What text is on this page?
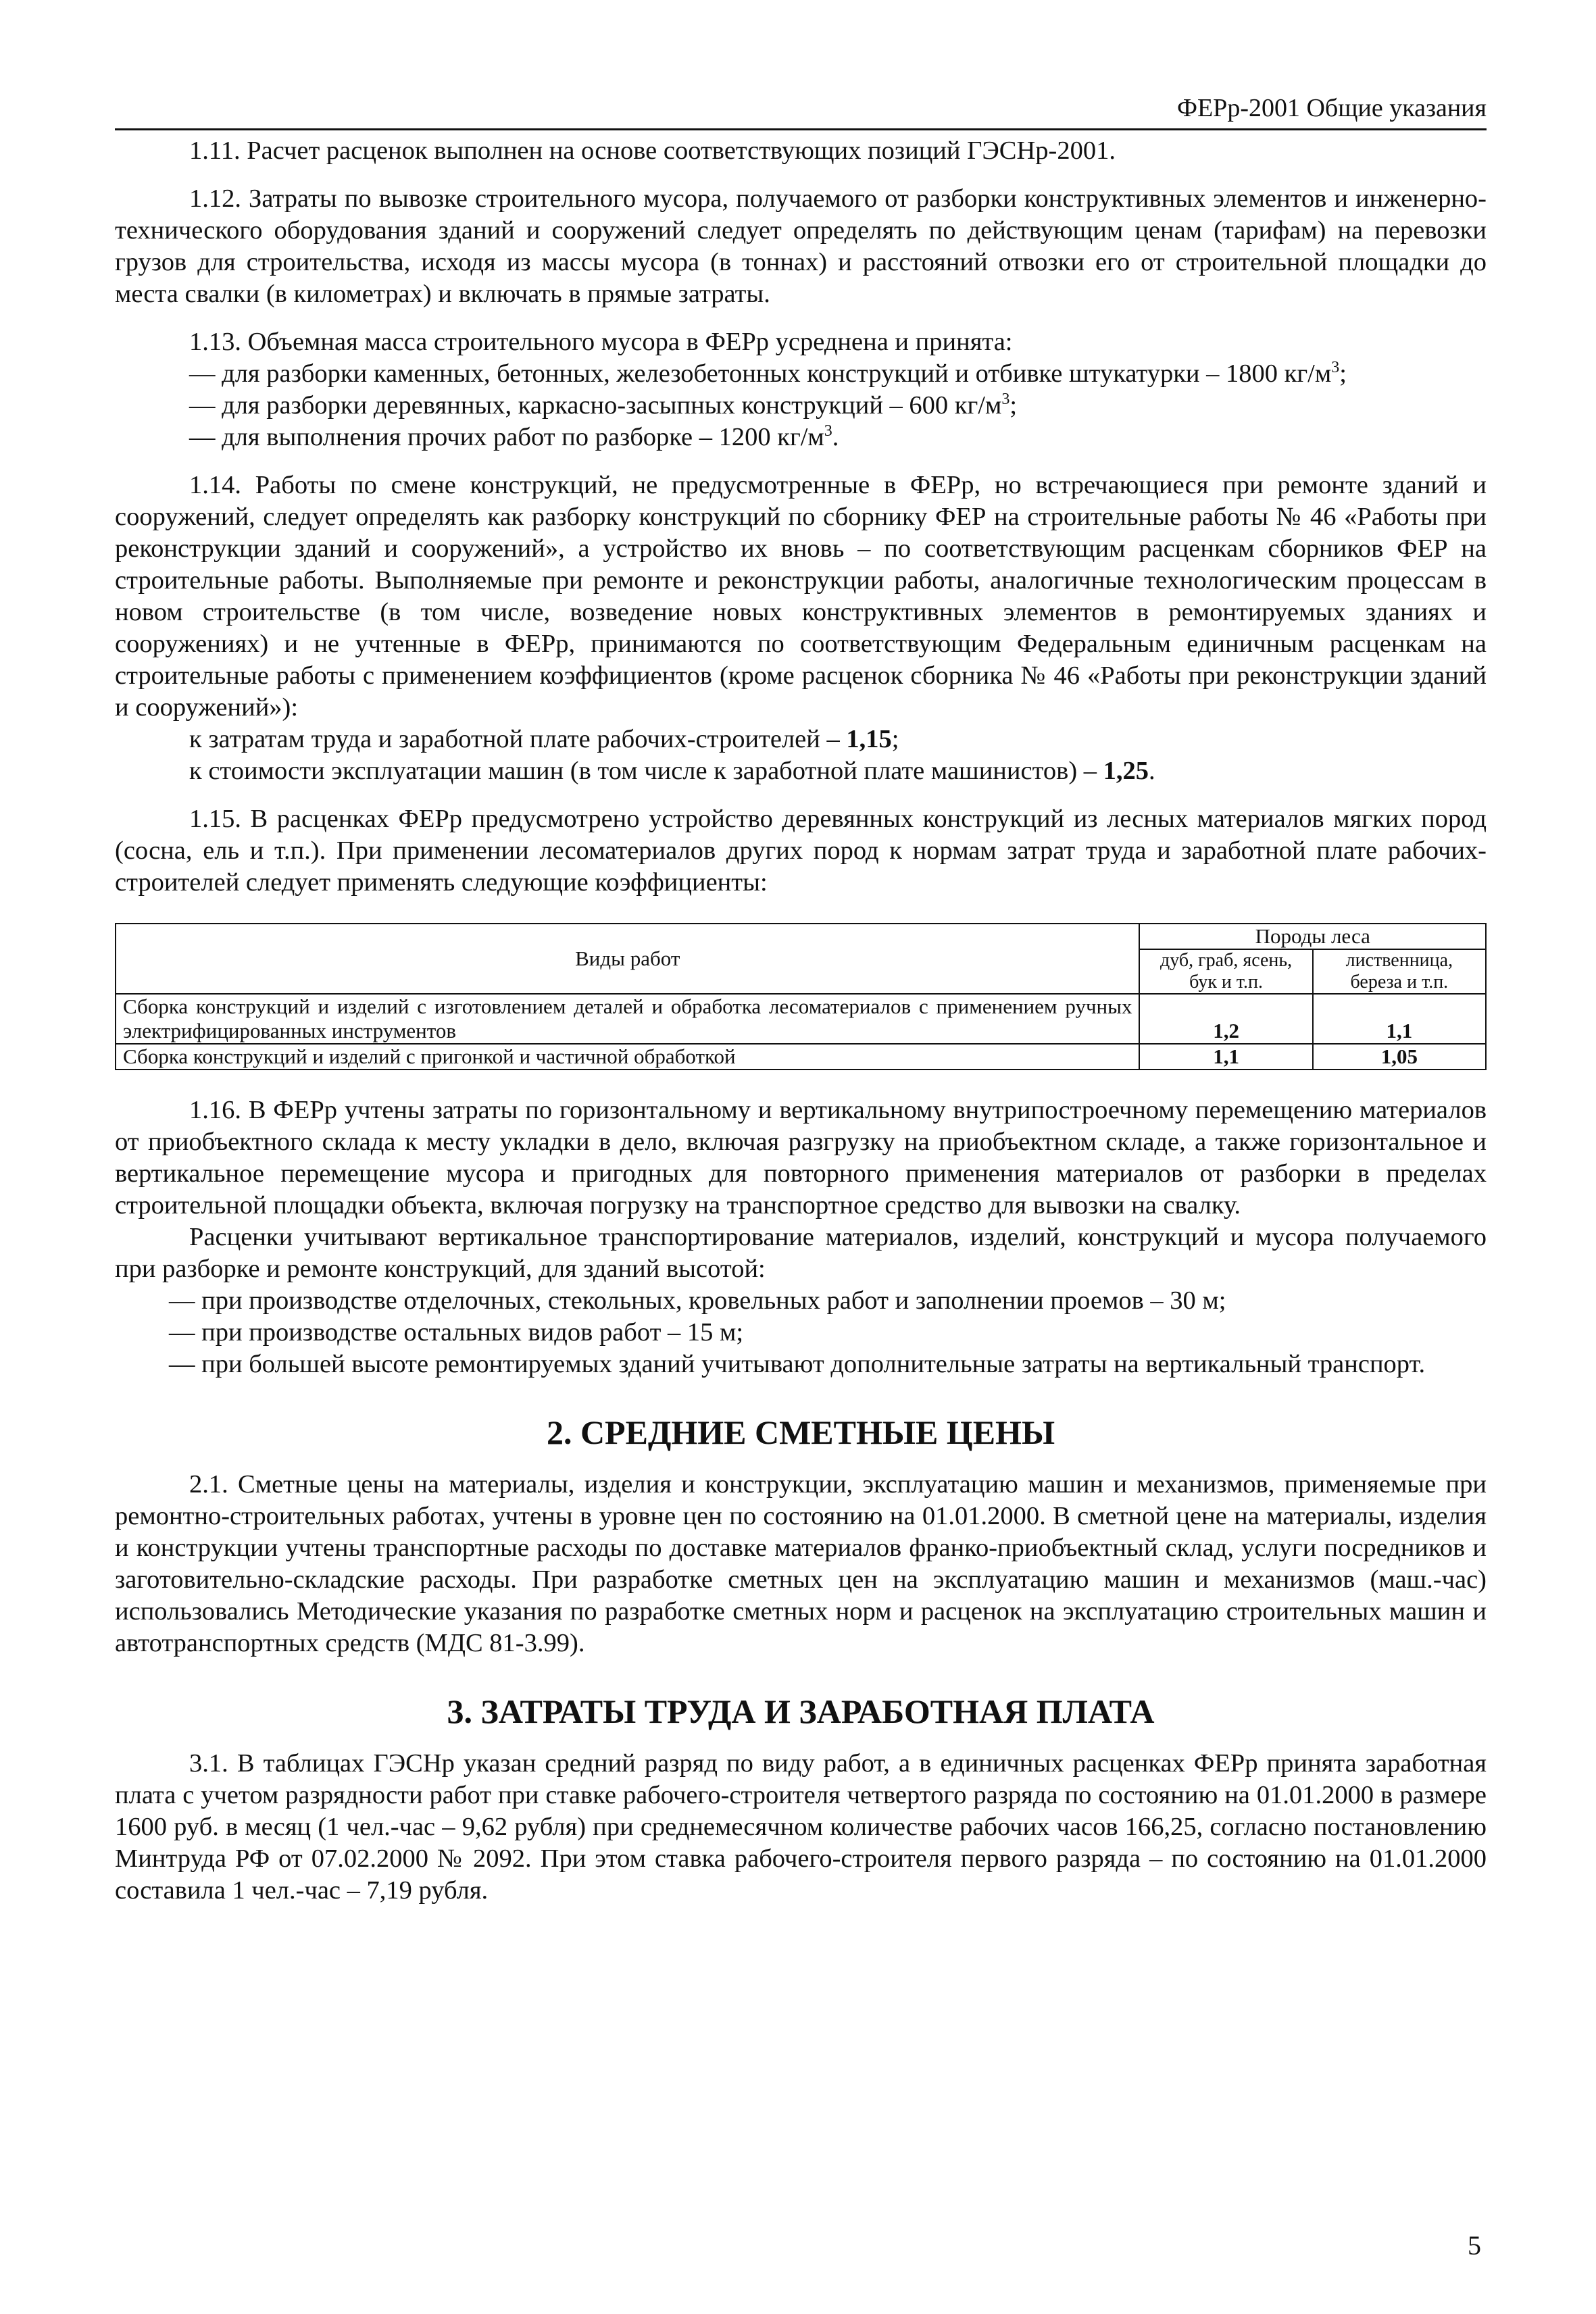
ФЕРр-2001 Общие указания

1.11. Расчет расценок выполнен на основе соответствующих позиций ГЭСНр-2001.

1.12. Затраты по вывозке строительного мусора, получаемого от разборки конструктивных элементов и инженерно-технического оборудования зданий и сооружений следует определять по действующим ценам (тарифам) на перевозки грузов для строительства, исходя из массы мусора (в тоннах) и расстояний отвозки его от строительной площадки до места свалки (в километрах) и включать в прямые затраты.

1.13. Объемная масса строительного мусора в ФЕРр усреднена и принята:

— для разборки каменных, бетонных, железобетонных конструкций и отбивке штукатурки – 1800 $кг/м^3$;

— для разборки деревянных, каркасно-засыпных конструкций – 600 $кг/м^3$;

— для выполнения прочих работ по разборке – 1200 $кг/м^3$.

1.14. Работы по смене конструкций, не предусмотренные в ФЕРр, но встречающиеся при ремонте зданий и сооружений, следует определять как разборку конструкций по сборнику ФЕР на строительные работы № 46 «Работы при реконструкции зданий и сооружений», а устройство их вновь – по соответствующим расценкам сборников ФЕР на строительные работы. Выполняемые при ремонте и реконструкции работы, аналогичные технологическим процессам в новом строительстве (в том числе, возведение новых конструктивных элементов в ремонтируемых зданиях и сооружениях) и не учтенные в ФЕРр, принимаются по соответствующим Федеральным единичным расценкам на строительные работы с применением коэффициентов (кроме расценок сборника № 46 «Работы при реконструкции зданий и сооружений»):

к затратам труда и заработной плате рабочих-строителей – 1,15;

к стоимости эксплуатации машин (в том числе к заработной плате машинистов) – 1,25.

1.15. В расценках ФЕРр предусмотрено устройство деревянных конструкций из лесных материалов мягких пород (сосна, ель и т.п.). При применении лесоматериалов других пород к нормам затрат труда и заработной плате рабочих-строителей следует применять следующие коэффициенты:

Виды работ	Породы леса	
	дуб, граб, ясень, бук и т.п.	лиственница, береза и т.п.
Сборка конструкций и изделий с изготовлением деталей и обработка лесоматериалов с применением ручных электрифицированных инструментов	1,2	1,1
Сборка конструкций и изделий с пригонкой и частичной обработкой	1,1	1,05

1.16. В ФЕРр учтены затраты по горизонтальному и вертикальному внутрипостроечному перемещению материалов от приобъектного склада к месту укладки в дело, включая разгрузку на приобъектном складе, а также горизонтальное и вертикальное перемещение мусора и пригодных для повторного применения материалов от разборки в пределах строительной площадки объекта, включая погрузку на транспортное средство для вывозки на свалку.

Расценки учитывают вертикальное транспортирование материалов, изделий, конструкций и мусора получаемого при разборке и ремонте конструкций, для зданий высотой:

— при производстве отделочных, стекольных, кровельных работ и заполнении проемов – 30 м;

— при производстве остальных видов работ – 15 м;

— при большей высоте ремонтируемых зданий учитывают дополнительные затраты на вертикальный транспорт.

2. СРЕДНИЕ СМЕТНЫЕ ЦЕНЫ

2.1. Сметные цены на материалы, изделия и конструкции, эксплуатацию машин и механизмов, применяемые при ремонтно-строительных работах, учтены в уровне цен по состоянию на 01.01.2000. В сметной цене на материалы, изделия и конструкции учтены транспортные расходы по доставке материалов франко-приобъектный склад, услуги посредников и заготовительно-складские расходы. При разработке сметных цен на эксплуатацию машин и механизмов (маш.-час) использовались Методические указания по разработке сметных норм и расценок на эксплуатацию строительных машин и автотранспортных средств (МДС 81-3.99).

3. ЗАТРАТЫ ТРУДА И ЗАРАБОТНАЯ ПЛАТА

3.1. В таблицах ГЭСНр указан средний разряд по виду работ, а в единичных расценках ФЕРр принята заработная плата с учетом разрядности работ при ставке рабочего-строителя четвертого разряда по состоянию на 01.01.2000 в размере 1600 руб. в месяц (1 чел.-час – 9,62 рубля) при среднемесячном количестве рабочих часов 166,25, согласно постановлению Минтруда РФ от 07.02.2000 № 2092. При этом ставка рабочего-строителя первого разряда – по состоянию на 01.01.2000 составила 1 чел.-час – 7,19 рубля.

5
